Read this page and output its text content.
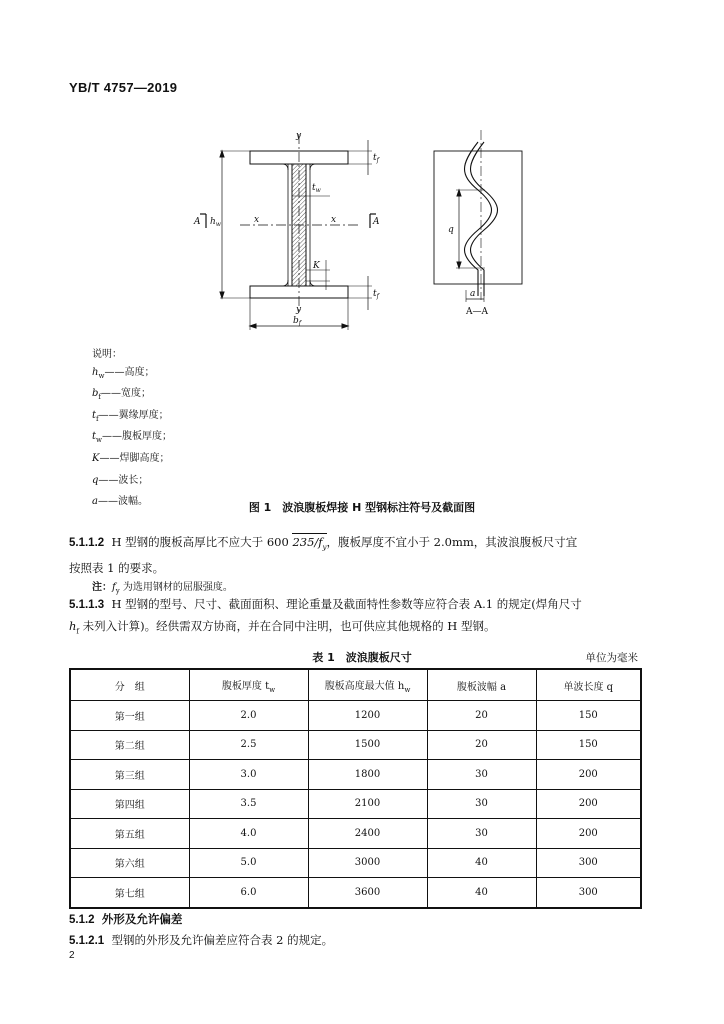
YB/T 4757—2019
y
y
x	x
A	A
$h_w$
$t_w$
$t_f$
$t_f$
$b_f$
K
q
a
A—A
说明：
$h_w——$高度；
$b_f——$宽度；
$t_f——$翼缘厚度；
$t_w——$腹板厚度；
K——焊脚高度；
q——波长；
a——波幅。	图 1　波浪腹板焊接 H 型钢标注符号及截面图
5.1.1.2 H 型钢的腹板高厚比不应大于 600 $235/f_y$，腹板厚度不宜小于 2.0mm，其波浪腹板尺寸宜
按照表 1 的要求。
注：$f_y$ 为选用钢材的屈服强度。
5.1.1.3 H 型钢的型号、尺寸、截面面积、理论重量及截面特性参数等应符合表 A.1 的规定(焊角尺寸
$h_f$ 未列入计算)。经供需双方协商，并在合同中注明，也可供应其他规格的 H 型钢。
表 1　波浪腹板尺寸	单位为毫米
分　组	腹板厚度 $t_w$	腹板高度最大值 $h_w$	腹板波幅 a	单波长度 q
第一组	2.0	1200	20	150
第二组	2.5	1500	20	150
第三组	3.0	1800	30	200
第四组	3.5	2100	30	200
第五组	4.0	2400	30	200
第六组	5.0	3000	40	300
第七组	6.0	3600	40	300
5.1.2 外形及允许偏差
5.1.2.1 型钢的外形及允许偏差应符合表 2 的规定。
2
